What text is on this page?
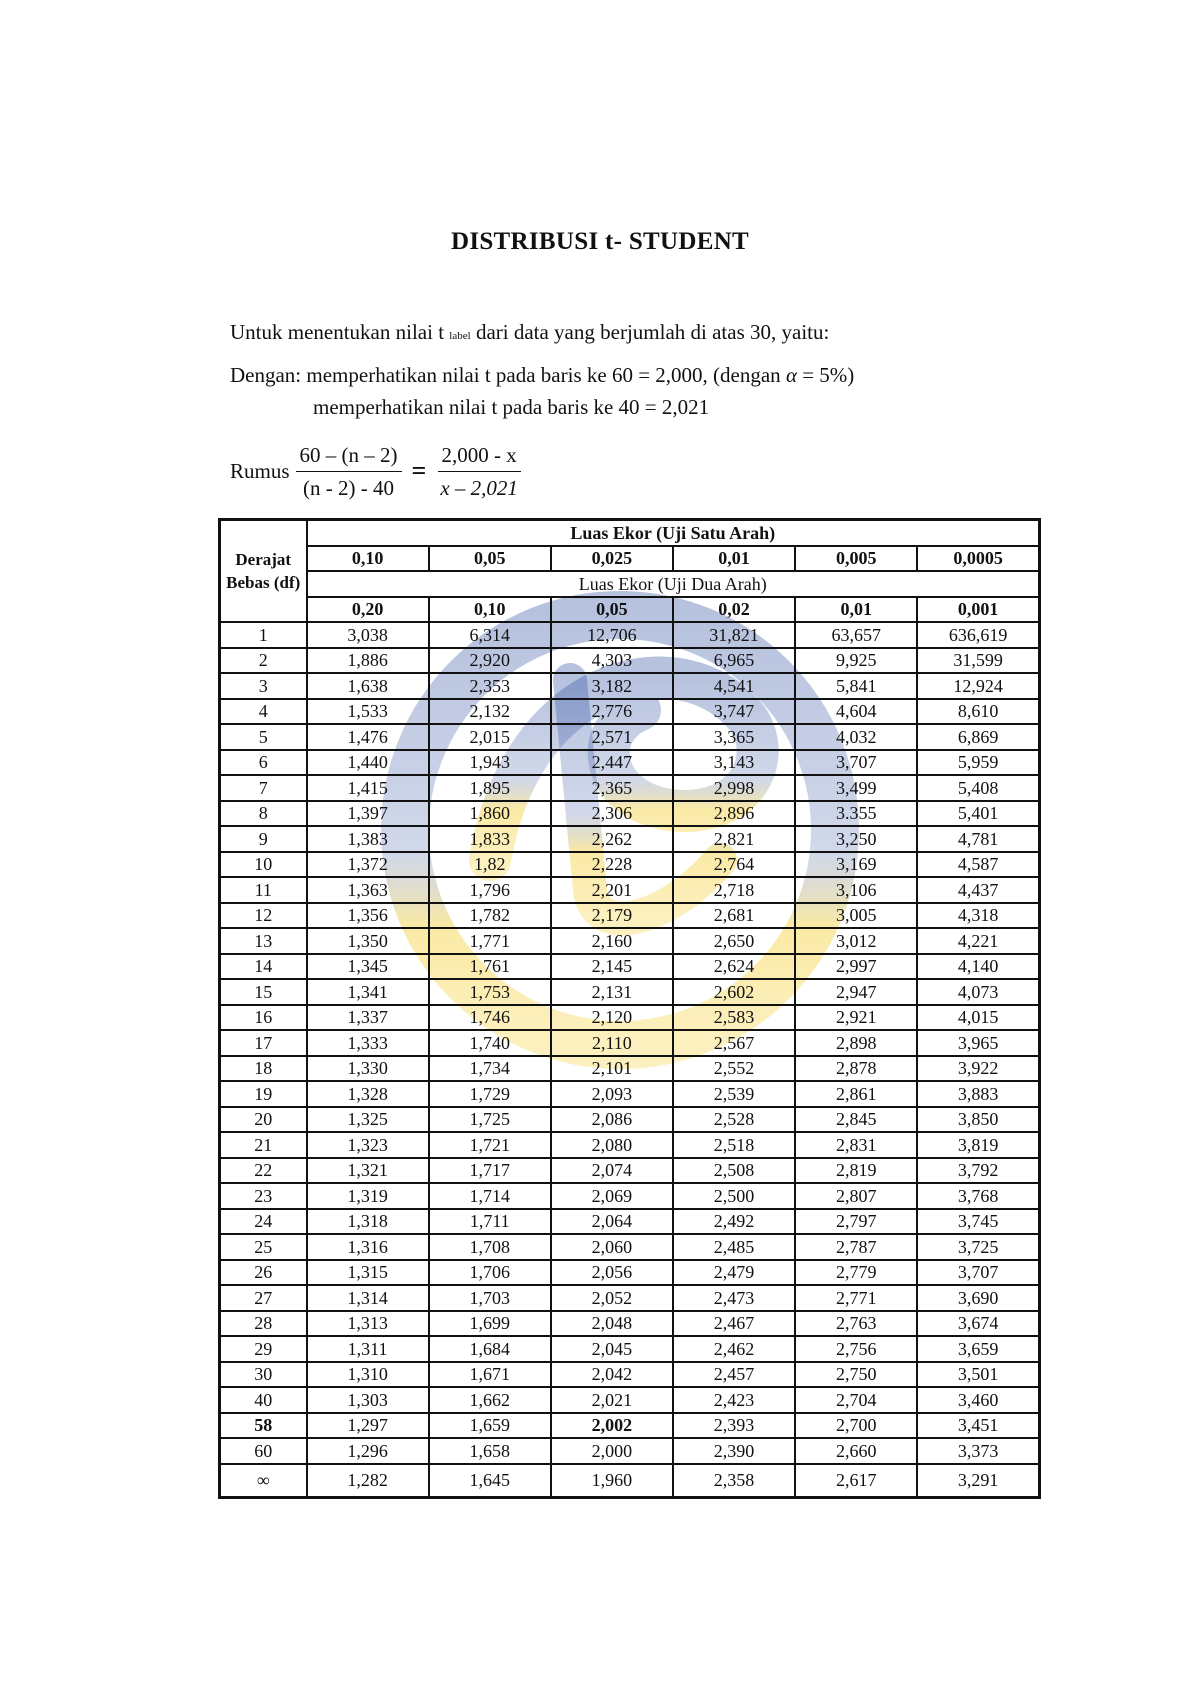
DISTRIBUSI t- STUDENT
Untuk menentukan nilai t label dari data yang berjumlah di atas 30, yaitu:
Dengan: memperhatikan nilai t pada baris ke 60 = 2,000, (dengan α = 5%)
memperhatikan nilai t pada baris ke 40 = 2,021
Rumus $\frac{60 - (n - 2)}{(n - 2) - 40} = \frac{2,000 - x}{x - 2,021}$
Derajat Bebas (df)	Luas Ekor (Uji Satu Arah)					
	0,10	0,05	0,025	0,01	0,005	0,0005
	Luas Ekor (Uji Dua Arah)					
	0,20	0,10	0,05	0,02	0,01	0,001
1	3,038	6,314	12,706	31,821	63,657	636,619
2	1,886	2,920	4,303	6,965	9,925	31,599
3	1,638	2,353	3,182	4,541	5,841	12,924
4	1,533	2,132	2,776	3,747	4,604	8,610
5	1,476	2,015	2,571	3,365	4,032	6,869
6	1,440	1,943	2,447	3,143	3,707	5,959
7	1,415	1,895	2,365	2,998	3,499	5,408
8	1,397	1,860	2,306	2,896	3.355	5,401
9	1,383	1,833	2,262	2,821	3,250	4,781
10	1,372	1,82	2,228	2,764	3,169	4,587
11	1,363	1,796	2,201	2,718	3,106	4,437
12	1,356	1,782	2,179	2,681	3,005	4,318
13	1,350	1,771	2,160	2,650	3,012	4,221
14	1,345	1,761	2,145	2,624	2,997	4,140
15	1,341	1,753	2,131	2,602	2,947	4,073
16	1,337	1,746	2,120	2,583	2,921	4,015
17	1,333	1,740	2,110	2,567	2,898	3,965
18	1,330	1,734	2,101	2,552	2,878	3,922
19	1,328	1,729	2,093	2,539	2,861	3,883
20	1,325	1,725	2,086	2,528	2,845	3,850
21	1,323	1,721	2,080	2,518	2,831	3,819
22	1,321	1,717	2,074	2,508	2,819	3,792
23	1,319	1,714	2,069	2,500	2,807	3,768
24	1,318	1,711	2,064	2,492	2,797	3,745
25	1,316	1,708	2,060	2,485	2,787	3,725
26	1,315	1,706	2,056	2,479	2,779	3,707
27	1,314	1,703	2,052	2,473	2,771	3,690
28	1,313	1,699	2,048	2,467	2,763	3,674
29	1,311	1,684	2,045	2,462	2,756	3,659
30	1,310	1,671	2,042	2,457	2,750	3,501
40	1,303	1,662	2,021	2,423	2,704	3,460
58	1,297	1,659	2,002	2,393	2,700	3,451
60	1,296	1,658	2,000	2,390	2,660	3,373
∞	1,282	1,645	1,960	2,358	2,617	3,291
